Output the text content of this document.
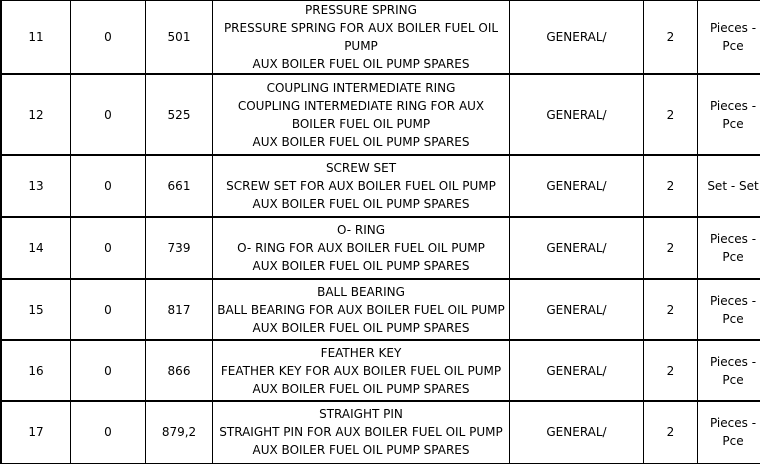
11	0	501	PRESSURE SPRING
PRESSURE SPRING FOR AUX BOILER FUEL OIL PUMP
AUX BOILER FUEL OIL PUMP SPARES	GENERAL/	2	Pieces -
Pce

12	0	525	COUPLING INTERMEDIATE RING
COUPLING INTERMEDIATE RING FOR AUX BOILER FUEL OIL PUMP
AUX BOILER FUEL OIL PUMP SPARES	GENERAL/	2	Pieces -
Pce

13	0	661	SCREW SET
SCREW SET FOR AUX BOILER FUEL OIL PUMP
AUX BOILER FUEL OIL PUMP SPARES	GENERAL/	2	Set - Set

14	0	739	O- RING
O- RING FOR AUX BOILER FUEL OIL PUMP
AUX BOILER FUEL OIL PUMP SPARES	GENERAL/	2	Pieces -
Pce

15	0	817	BALL BEARING
BALL BEARING FOR AUX BOILER FUEL OIL PUMP
AUX BOILER FUEL OIL PUMP SPARES	GENERAL/	2	Pieces -
Pce

16	0	866	FEATHER KEY
FEATHER KEY FOR AUX BOILER FUEL OIL PUMP
AUX BOILER FUEL OIL PUMP SPARES	GENERAL/	2	Pieces -
Pce

17	0	879,2	STRAIGHT PIN
STRAIGHT PIN FOR AUX BOILER FUEL OIL PUMP
AUX BOILER FUEL OIL PUMP SPARES	GENERAL/	2	Pieces -
Pce
